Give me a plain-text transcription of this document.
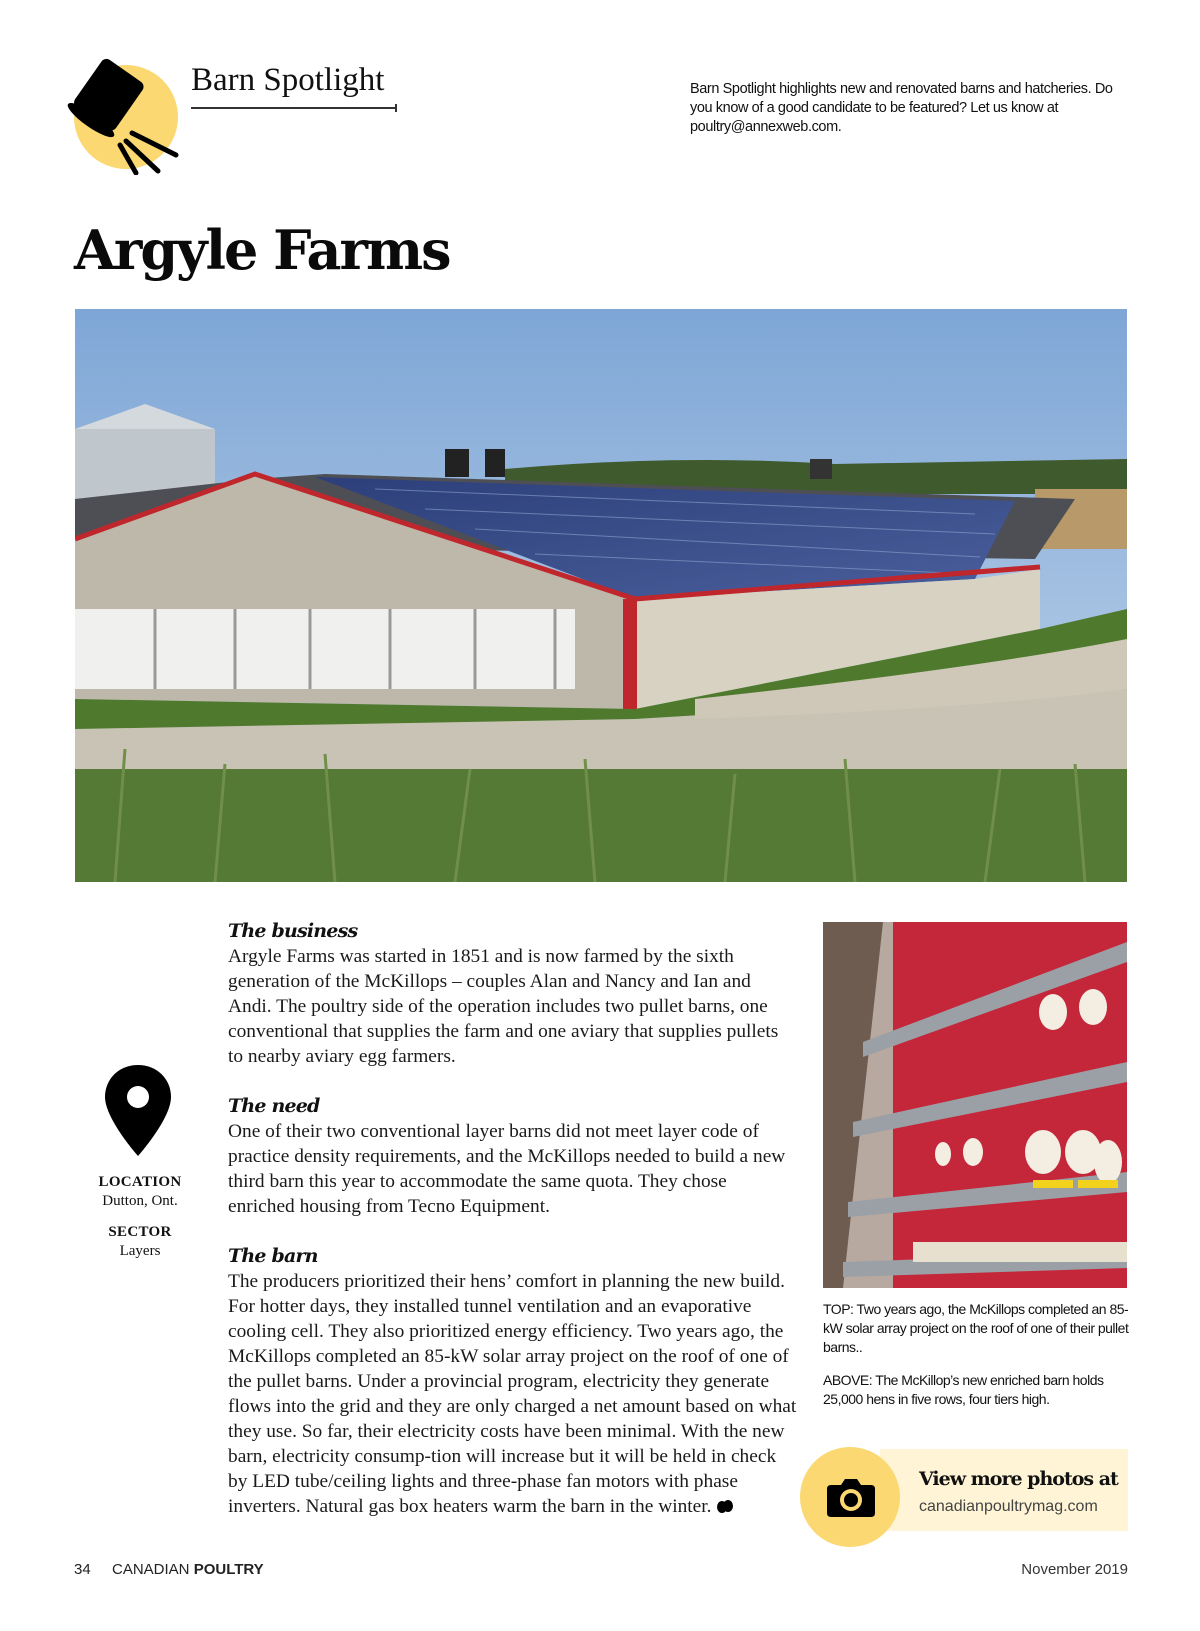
Barn Spotlight	Barn Spotlight highlights new and renovated barns and hatcheries. Do you know of a good candidate to be featured? Let us know at poultry@annexweb.com.
Argyle Farms
LOCATION
Dutton, Ont.
SECTOR
Layers
The business

Argyle Farms was started in 1851 and is now farmed by the sixth generation of the McKillops – couples Alan and Nancy and Ian and Andi. The poultry side of the operation includes two pullet barns, one conventional that supplies the farm and one aviary that supplies pullets to nearby aviary egg farmers.

The need

One of their two conventional layer barns did not meet layer code of practice density requirements, and the McKillops needed to build a new third barn this year to accommodate the same quota. They chose enriched housing from Tecno Equipment.

The barn

The producers prioritized their hens’ comfort in planning the new build. For hotter days, they installed tunnel ventilation and an evaporative cooling cell. They also prioritized energy efficiency. Two years ago, the McKillops completed an 85-kW solar array project on the roof of one of the pullet barns. Under a provincial program, electricity they generate flows into the grid and they are only charged a net amount based on what they use. So far, their electricity costs have been minimal. With the new barn, electricity consump-tion will increase but it will be held in check by LED tube/ceiling lights and three-phase fan motors with phase inverters. Natural gas box heaters warm the barn in the winter.

TOP: Two years ago, the McKillops completed an 85-kW solar array project on the roof of one of their pullet barns..
ABOVE: The McKillop’s new enriched barn holds 25,000 hens in five rows, four tiers high.
View more photos at
canadianpoultrymag.com
34 CANADIAN POULTRY	November 2019
